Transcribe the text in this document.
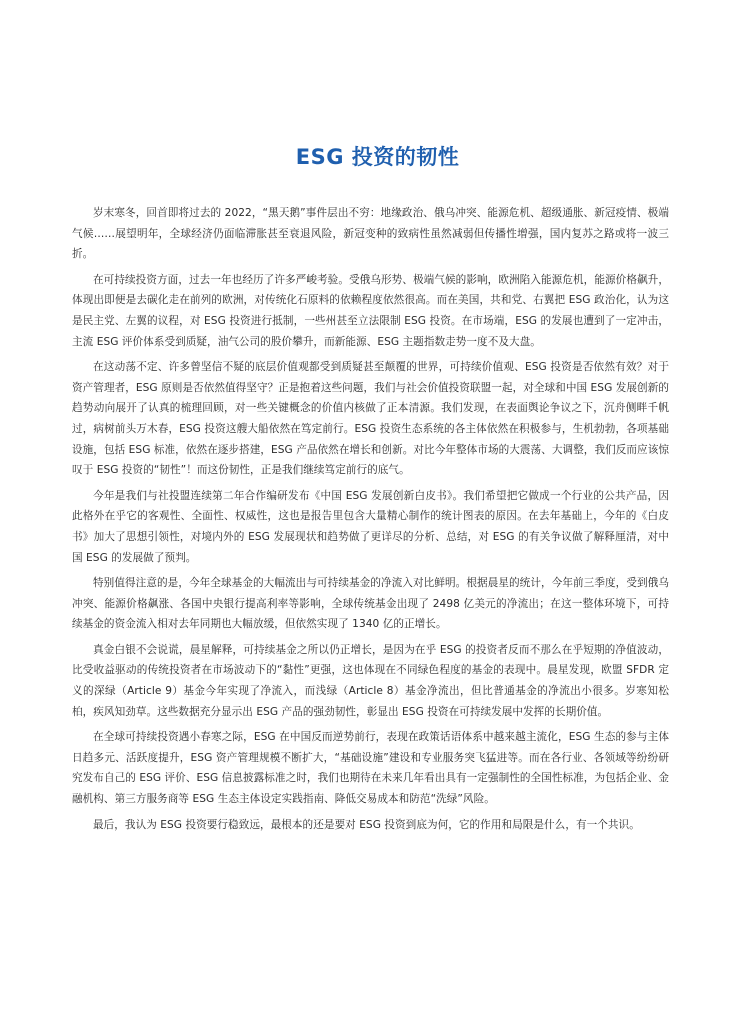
ESG 投资的韧性

岁末寒冬，回首即将过去的 2022，“黑天鹅”事件层出不穷：地缘政治、俄乌冲突、能源危机、超级通胀、新冠疫情、极端气候……展望明年，全球经济仍面临滞胀甚至衰退风险，新冠变种的致病性虽然减弱但传播性增强，国内复苏之路或将一波三折。

在可持续投资方面，过去一年也经历了许多严峻考验。受俄乌形势、极端气候的影响，欧洲陷入能源危机，能源价格飙升，体现出即便是去碳化走在前列的欧洲，对传统化石原料的依赖程度依然很高。而在美国，共和党、右翼把 ESG 政治化，认为这是民主党、左翼的议程，对 ESG 投资进行抵制，一些州甚至立法限制 ESG 投资。在市场端，ESG 的发展也遭到了一定冲击，主流 ESG 评价体系受到质疑，油气公司的股价攀升，而新能源、ESG 主题指数走势一度不及大盘。

在这动荡不定、许多曾坚信不疑的底层价值观都受到质疑甚至颠覆的世界，可持续价值观、ESG 投资是否依然有效？对于资产管理者，ESG 原则是否依然值得坚守？正是抱着这些问题，我们与社会价值投资联盟一起，对全球和中国 ESG 发展创新的趋势动向展开了认真的梳理回顾，对一些关键概念的价值内核做了正本清源。我们发现，在表面舆论争议之下，沉舟侧畔千帆过，病树前头万木春，ESG 投资这艘大船依然在笃定前行。ESG 投资生态系统的各主体依然在积极参与，生机勃勃，各项基础设施，包括 ESG 标准，依然在逐步搭建，ESG 产品依然在增长和创新。对比今年整体市场的大震荡、大调整，我们反而应该惊叹于 ESG 投资的“韧性”！而这份韧性，正是我们继续笃定前行的底气。

今年是我们与社投盟连续第二年合作编研发布《中国 ESG 发展创新白皮书》。我们希望把它做成一个行业的公共产品，因此格外在乎它的客观性、全面性、权威性，这也是报告里包含大量精心制作的统计图表的原因。在去年基础上，今年的《白皮书》加大了思想引领性，对境内外的 ESG 发展现状和趋势做了更详尽的分析、总结，对 ESG 的有关争议做了解释厘清，对中国 ESG 的发展做了预判。

特别值得注意的是，今年全球基金的大幅流出与可持续基金的净流入对比鲜明。根据晨星的统计，今年前三季度，受到俄乌冲突、能源价格飙涨、各国中央银行提高利率等影响，全球传统基金出现了 2498 亿美元的净流出；在这一整体环境下，可持续基金的资金流入相对去年同期也大幅放缓，但依然实现了 1340 亿的正增长。

真金白银不会说谎，晨星解释，可持续基金之所以仍正增长，是因为在乎 ESG 的投资者反而不那么在乎短期的净值波动，比受收益驱动的传统投资者在市场波动下的“黏性”更强，这也体现在不同绿色程度的基金的表现中。晨星发现，欧盟 SFDR 定义的深绿（Article 9）基金今年实现了净流入，而浅绿（Article 8）基金净流出，但比普通基金的净流出小很多。岁寒知松柏，疾风知劲草。这些数据充分显示出 ESG 产品的强劲韧性，彰显出 ESG 投资在可持续发展中发挥的长期价值。

在全球可持续投资遇小春寒之际，ESG 在中国反而逆势前行，表现在政策话语体系中越来越主流化，ESG 生态的参与主体日趋多元、活跃度提升，ESG 资产管理规模不断扩大，“基础设施”建设和专业服务突飞猛进等。而在各行业、各领域等纷纷研究发布自己的 ESG 评价、ESG 信息披露标准之时，我们也期待在未来几年看出具有一定强制性的全国性标准，为包括企业、金融机构、第三方服务商等 ESG 生态主体设定实践指南、降低交易成本和防范“洗绿”风险。

最后，我认为 ESG 投资要行稳致远，最根本的还是要对 ESG 投资到底为何，它的作用和局限是什么，有一个共识。
